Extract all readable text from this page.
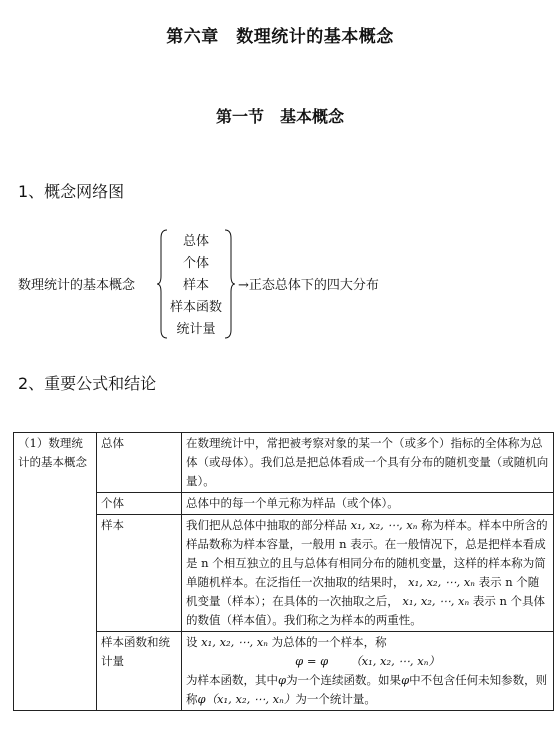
第六章　数理统计的基本概念
第一节　基本概念
1、概念网络图
数理统计的基本概念
总体
个体
样本
样本函数
统计量
→正态总体下的四大分布
2、重要公式和结论
（1）数理统计的基本概念	总体	在数理统计中，常把被考察对象的某一个（或多个）指标的全体称为总体（或母体）。我们总是把总体看成一个具有分布的随机变量（或随机向量）。
	个体	总体中的每一个单元称为样品（或个体）。
	样本	我们把从总体中抽取的部分样品 x₁, x₂, ⋯, xₙ 称为样本。样本中所含的样品数称为样本容量，一般用 n 表示。在一般情况下，总是把样本看成是 n 个相互独立的且与总体有相同分布的随机变量，这样的样本称为简单随机样本。在泛指任一次抽取的结果时， x₁, x₂, ⋯, xₙ 表示 n 个随机变量（样本）；在具体的一次抽取之后， x₁, x₂, ⋯, xₙ 表示 n 个具体的数值（样本值）。我们称之为样本的两重性。
	样本函数和统计量	设 x₁, x₂, ⋯, xₙ 为总体的一个样本，称
φ = φ （x₁, x₂, ⋯, xₙ）
为样本函数，其中φ为一个连续函数。如果φ中不包含任何未知参数，则称φ（x₁, x₂, ⋯, xₙ）为一个统计量。
